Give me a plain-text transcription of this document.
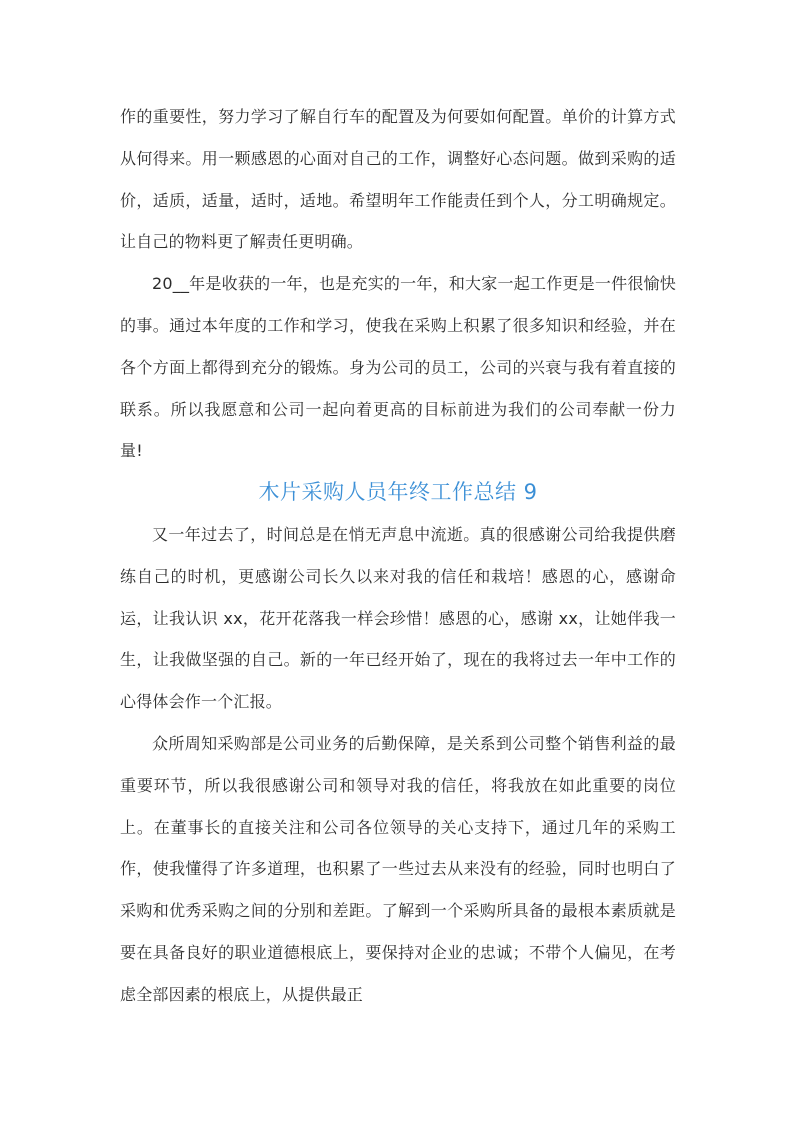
作的重要性，努力学习了解自行车的配置及为何要如何配置。单价的计算方式从何得来。用一颗感恩的心面对自己的工作，调整好心态问题。做到采购的适价，适质，适量，适时，适地。希望明年工作能责任到个人，分工明确规定。让自己的物料更了解责任更明确。

20__年是收获的一年，也是充实的一年，和大家一起工作更是一件很愉快的事。通过本年度的工作和学习，使我在采购上积累了很多知识和经验，并在各个方面上都得到充分的锻炼。身为公司的员工，公司的兴衰与我有着直接的联系。所以我愿意和公司一起向着更高的目标前进为我们的公司奉献一份力量!

木片采购人员年终工作总结 9

又一年过去了，时间总是在悄无声息中流逝。真的很感谢公司给我提供磨练自己的时机，更感谢公司长久以来对我的信任和栽培！感恩的心，感谢命运，让我认识 xx，花开花落我一样会珍惜！感恩的心，感谢 xx，让她伴我一生，让我做坚强的自己。新的一年已经开始了，现在的我将过去一年中工作的心得体会作一个汇报。

众所周知采购部是公司业务的后勤保障，是关系到公司整个销售利益的最重要环节，所以我很感谢公司和领导对我的信任，将我放在如此重要的岗位上。在董事长的直接关注和公司各位领导的关心支持下，通过几年的采购工作，使我懂得了许多道理，也积累了一些过去从来没有的经验，同时也明白了采购和优秀采购之间的分别和差距。了解到一个采购所具备的最根本素质就是要在具备良好的职业道德根底上，要保持对企业的忠诚；不带个人偏见，在考虑全部因素的根底上，从提供最正
